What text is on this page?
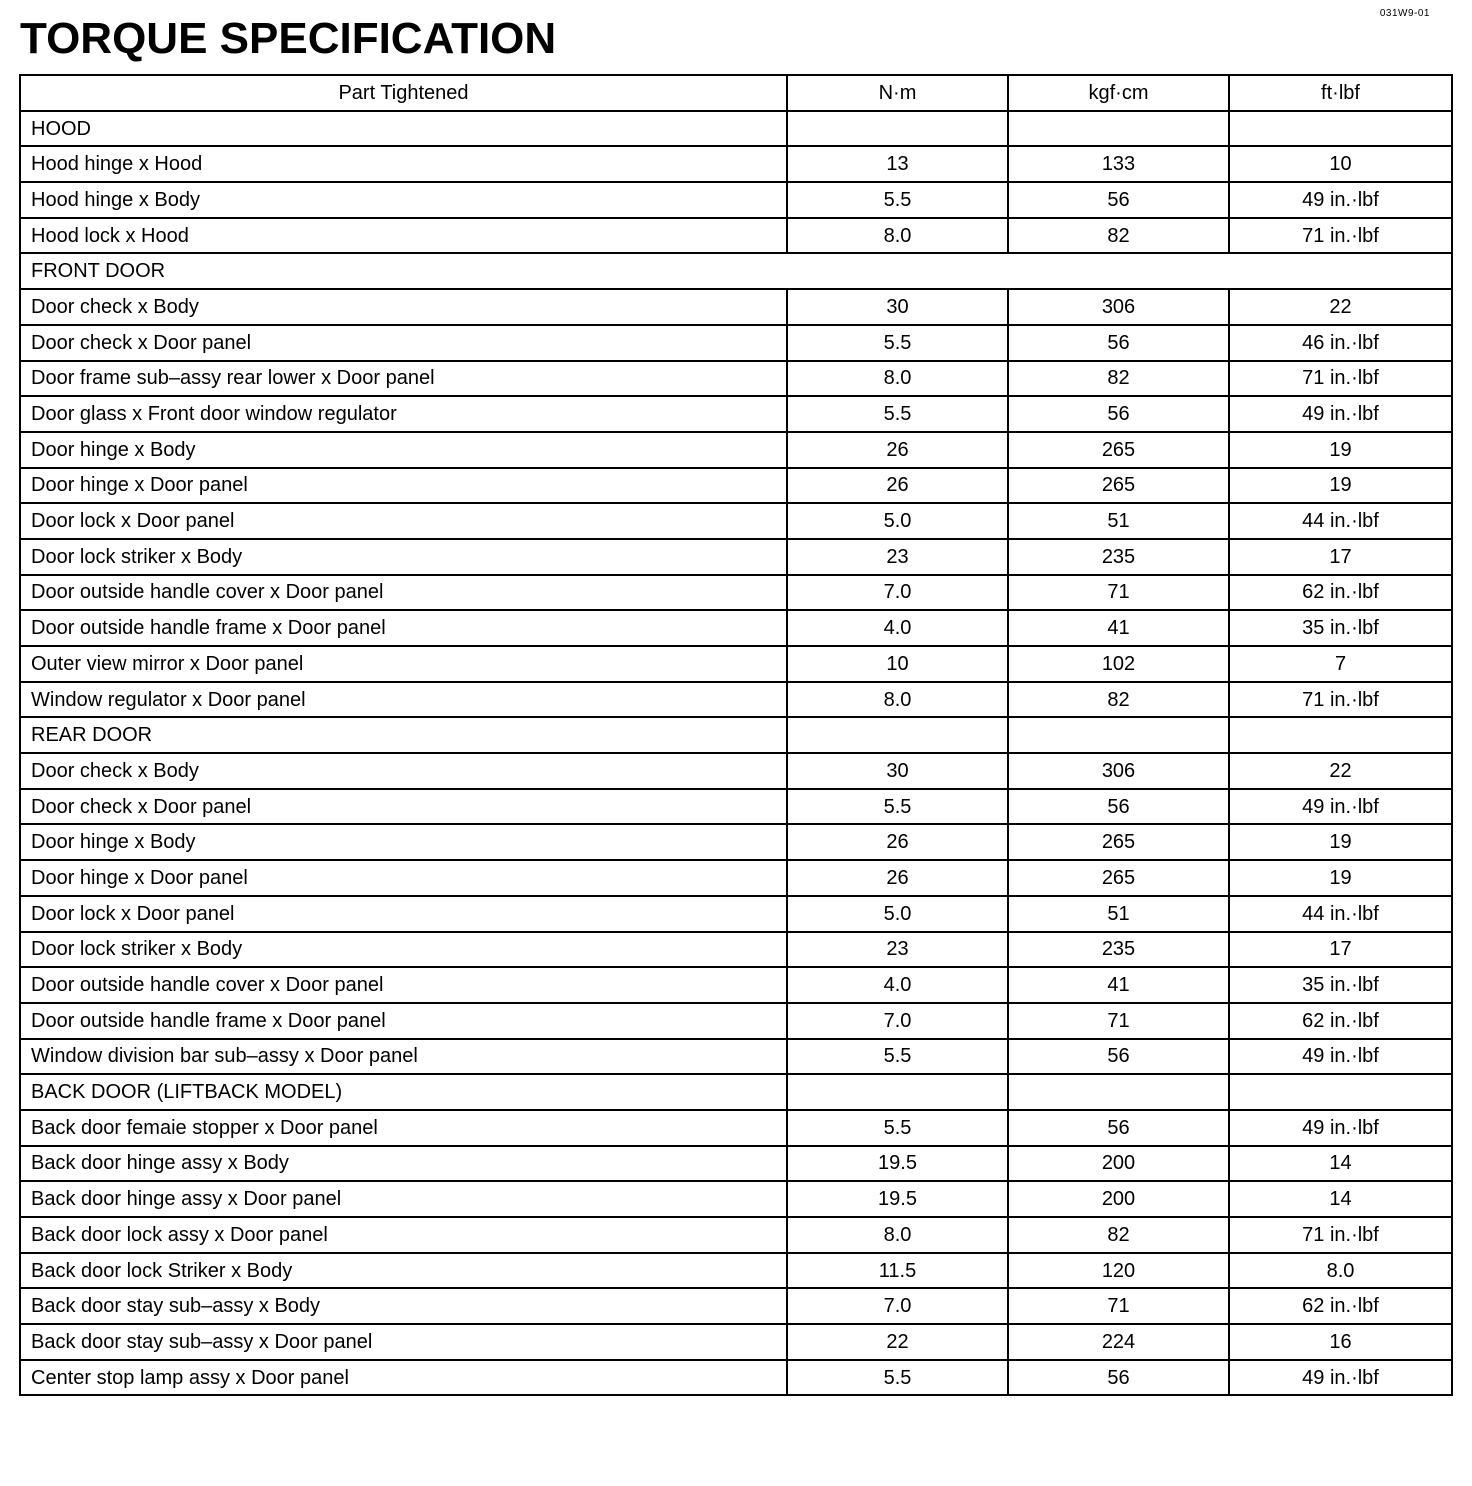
031W9-01
TORQUE SPECIFICATION
Part Tightened	N·m	kgf·cm	ft·lbf
HOOD			
Hood hinge x Hood	13	133	10
Hood hinge x Body	5.5	56	49 in.·lbf
Hood lock x Hood	8.0	82	71 in.·lbf
FRONT DOOR			
Door check x Body	30	306	22
Door check x Door panel	5.5	56	46 in.·lbf
Door frame sub–assy rear lower x Door panel	8.0	82	71 in.·lbf
Door glass x Front door window regulator	5.5	56	49 in.·lbf
Door hinge x Body	26	265	19
Door hinge x Door panel	26	265	19
Door lock x Door panel	5.0	51	44 in.·lbf
Door lock striker x Body	23	235	17
Door outside handle cover x Door panel	7.0	71	62 in.·lbf
Door outside handle frame x Door panel	4.0	41	35 in.·lbf
Outer view mirror x Door panel	10	102	7
Window regulator x Door panel	8.0	82	71 in.·lbf
REAR DOOR			
Door check x Body	30	306	22
Door check x Door panel	5.5	56	49 in.·lbf
Door hinge x Body	26	265	19
Door hinge x Door panel	26	265	19
Door lock x Door panel	5.0	51	44 in.·lbf
Door lock striker x Body	23	235	17
Door outside handle cover x Door panel	4.0	41	35 in.·lbf
Door outside handle frame x Door panel	7.0	71	62 in.·lbf
Window division bar sub–assy x Door panel	5.5	56	49 in.·lbf
BACK DOOR (LIFTBACK MODEL)			
Back door femaie stopper x Door panel	5.5	56	49 in.·lbf
Back door hinge assy x Body	19.5	200	14
Back door hinge assy x Door panel	19.5	200	14
Back door lock assy x Door panel	8.0	82	71 in.·lbf
Back door lock Striker x Body	11.5	120	8.0
Back door stay sub–assy x Body	7.0	71	62 in.·lbf
Back door stay sub–assy x Door panel	22	224	16
Center stop lamp assy x Door panel	5.5	56	49 in.·lbf
